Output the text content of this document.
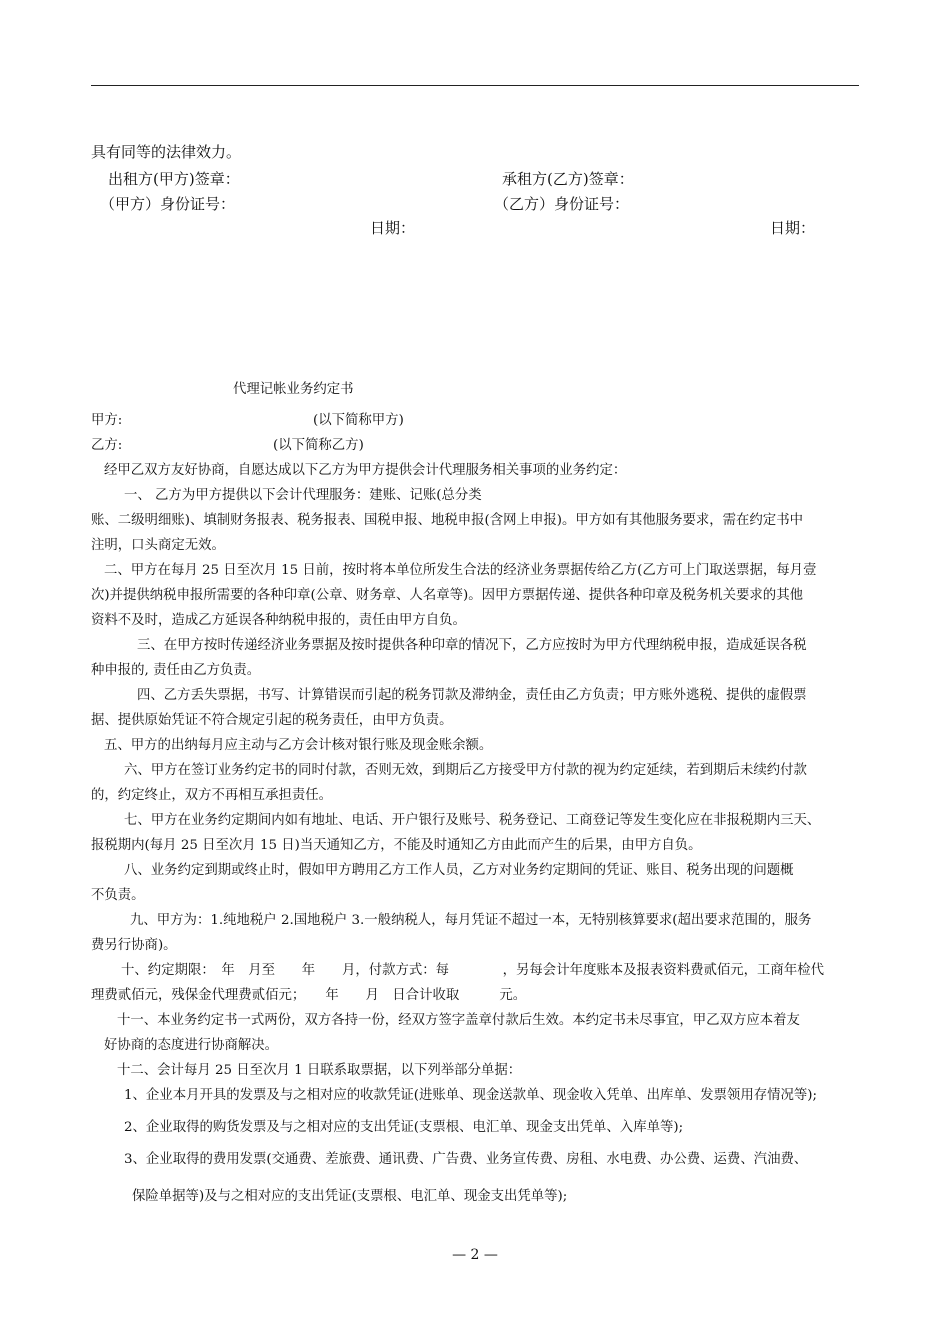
具有同等的法律效力。
出租方(甲方)签章：	承租方(乙方)签章：
（甲方）身份证号：	（乙方）身份证号：
日期：	日期：
代理记帐业务约定书
甲方:	(以下简称甲方)
乙方:	(以下简称乙方)
经甲乙双方友好协商，自愿达成以下乙方为甲方提供会计代理服务相关事项的业务约定：
一、 乙方为甲方提供以下会计代理服务：建账、记账(总分类
账、二级明细账)、填制财务报表、税务报表、国税申报、地税申报(含网上申报)。甲方如有其他服务要求，需在约定书中
注明，口头商定无效。
二、甲方在每月 25 日至次月 15 日前，按时将本单位所发生合法的经济业务票据传给乙方(乙方可上门取送票据，每月壹
次)并提供纳税申报所需要的各种印章(公章、财务章、人名章等)。因甲方票据传递、提供各种印章及税务机关要求的其他
资料不及时，造成乙方延误各种纳税申报的，责任由甲方自负。
三、在甲方按时传递经济业务票据及按时提供各种印章的情况下，乙方应按时为甲方代理纳税申报，造成延误各税
种申报的, 责任由乙方负责。
四、乙方丢失票据，书写、计算错误而引起的税务罚款及滞纳金，责任由乙方负责；甲方账外逃税、提供的虚假票
据、提供原始凭证不符合规定引起的税务责任，由甲方负责。
五、甲方的出纳每月应主动与乙方会计核对银行账及现金账余额。
六、甲方在签订业务约定书的同时付款，否则无效，到期后乙方接受甲方付款的视为约定延续，若到期后未续约付款
的，约定终止，双方不再相互承担责任。
七、甲方在业务约定期间内如有地址、电话、开户银行及账号、税务登记、工商登记等发生变化应在非报税期内三天、
报税期内(每月 25 日至次月 15 日)当天通知乙方，不能及时通知乙方由此而产生的后果，由甲方自负。
八、业务约定到期或终止时，假如甲方聘用乙方工作人员，乙方对业务约定期间的凭证、账目、税务出现的问题概
不负责。
九、甲方为：1.纯地税户 2.国地税户 3.一般纳税人，每月凭证不超过一本，无特别核算要求(超出要求范围的，服务
费另行协商)。
十、约定期限：　年　月至　　年　　月，付款方式：每　　　　，另每会计年度账本及报表资料费贰佰元，工商年检代
理费贰佰元，残保金代理费贰佰元；　　年　　月　日合计收取　　　元。
十一、本业务约定书一式两份，双方各持一份，经双方签字盖章付款后生效。本约定书未尽事宜，甲乙双方应本着友
好协商的态度进行协商解决。
十二、会计每月 25 日至次月 1 日联系取票据，以下列举部分单据：
1、企业本月开具的发票及与之相对应的收款凭证(进账单、现金送款单、现金收入凭单、出库单、发票领用存情况等);
2、企业取得的购货发票及与之相对应的支出凭证(支票根、电汇单、现金支出凭单、入库单等);
3、企业取得的费用发票(交通费、差旅费、通讯费、广告费、业务宣传费、房租、水电费、办公费、运费、汽油费、
保险单据等)及与之相对应的支出凭证(支票根、电汇单、现金支出凭单等);
— 2 —
